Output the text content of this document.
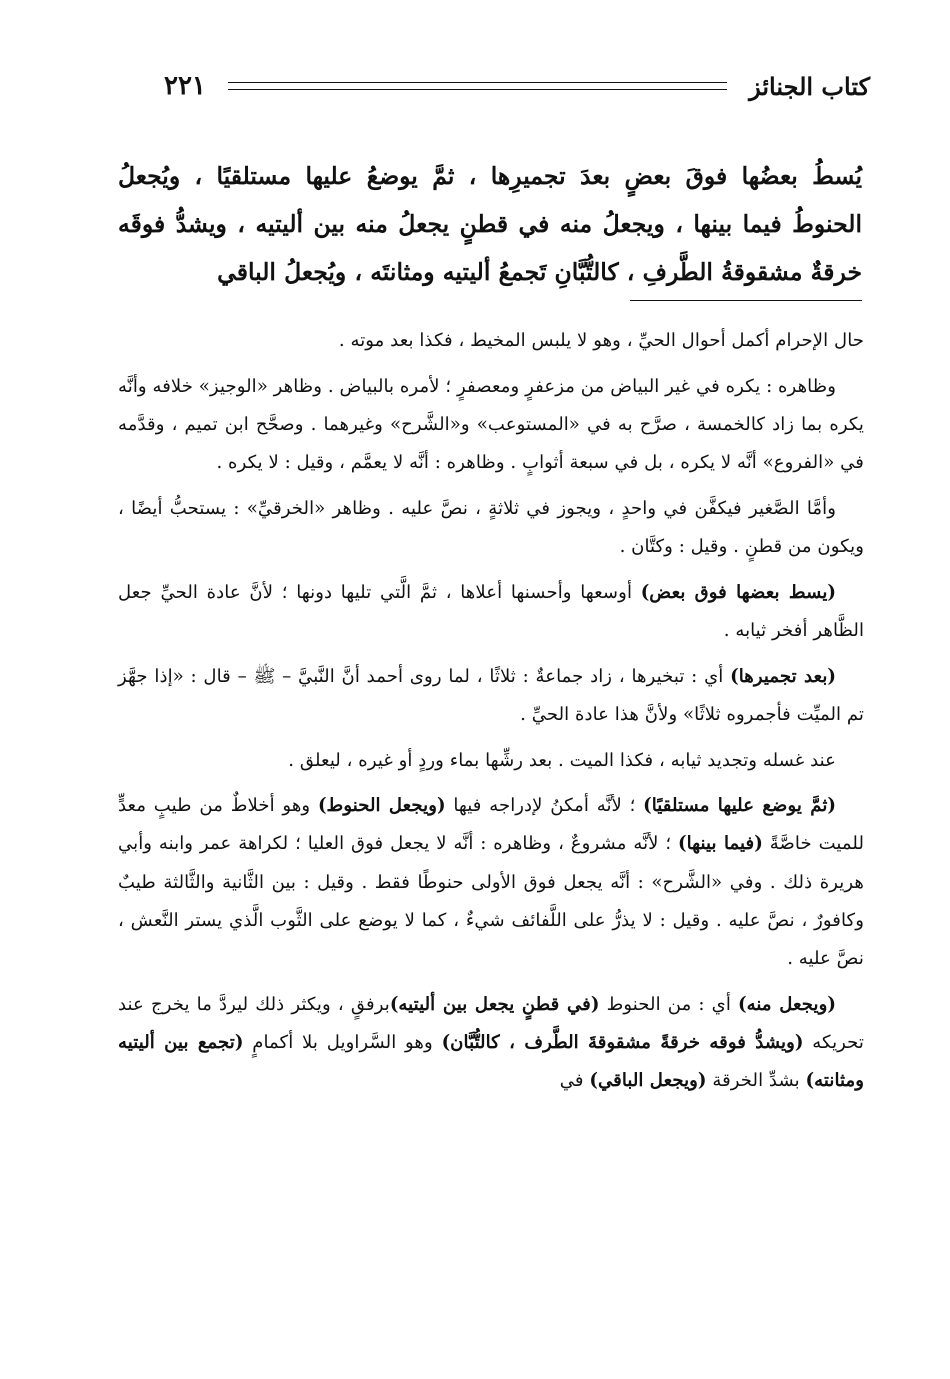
كتاب الجنائز
٢٢١
يُسطُ بعضُها فوقَ بعضٍ بعدَ تجميرِها ، ثمَّ يوضعُ عليها مستلقيًا ، ويُجعلُ الحنوطُ فيما بينها ، ويجعلُ منه في قطنٍ يجعلُ منه بين أليتيه ، ويشدُّ فوقَه خرقةٌ مشقوقةُ الطَّرفِ ، كالتُّبَّانِ تَجمعُ أليتيه ومثانتَه ، ويُجعلُ الباقي

حال الإحرام أكمل أحوال الحيِّ ، وهو لا يلبس المخيط ، فكذا بعد موته .

وظاهره : يكره في غير البياض من مزعفرٍ ومعصفرٍ ؛ لأمره بالبياض . وظاهر «الوجيز» خلافه وأنَّه يكره بما زاد كالخمسة ، صرَّح به في «المستوعب» و«الشَّرح» وغيرهما . وصحَّح ابن تميم ، وقدَّمه في «الفروع» أنَّه لا يكره ، بل في سبعة أثوابٍ . وظاهره : أنَّه لا يعمَّم ، وقيل : لا يكره .

وأمَّا الصَّغير فيكفَّن في واحدٍ ، ويجوز في ثلاثةٍ ، نصَّ عليه . وظاهر «الخرقيِّ» : يستحبُّ أيضًا ، ويكون من قطنٍ . وقيل : وكتَّان .

(يسط بعضها فوق بعض) أوسعها وأحسنها أعلاها ، ثمَّ الَّتي تليها دونها ؛ لأنَّ عادة الحيِّ جعل الظَّاهر أفخر ثيابه .

(بعد تجميرها) أي : تبخيرها ، زاد جماعةٌ : ثلاثًا ، لما روى أحمد أنَّ النَّبيَّ – ﷺ – قال : «إذا جهَّز تم الميِّت فأجمروه ثلاثًا» ولأنَّ هذا عادة الحيِّ .

عند غسله وتجديد ثيابه ، فكذا الميت . بعد رشِّها بماء وردٍ أو غيره ، ليعلق .

(ثمَّ يوضع عليها مستلقيًا) ؛ لأنَّه أمكنُ لإدراجه فيها (ويجعل الحنوط) وهو أخلاطٌ من طيبٍ معدٍّ للميت خاصَّةً (فيما بينها) ؛ لأنَّه مشروعٌ ، وظاهره : أنَّه لا يجعل فوق العليا ؛ لكراهة عمر وابنه وأبي هريرة ذلك . وفي «الشَّرح» : أنَّه يجعل فوق الأولى حنوطًا فقط . وقيل : بين الثَّانية والثَّالثة طيبٌ وكافورٌ ، نصَّ عليه . وقيل : لا يذرُّ على اللَّفائف شيءٌ ، كما لا يوضع على الثَّوب الَّذي يستر النَّعش ، نصَّ عليه .

(ويجعل منه) أي : من الحنوط (في قطنٍ يجعل بين أليتيه)برفقٍ ، ويكثر ذلك ليردَّ ما يخرج عند تحريكه (ويشدُّ فوقه خرقةً مشقوقةَ الطَّرف ، كالتُّبَّان) وهو السَّراويل بلا أكمامٍ (تجمع بين أليتيه ومثانته) بشدِّ الخرقة (ويجعل الباقي) في
